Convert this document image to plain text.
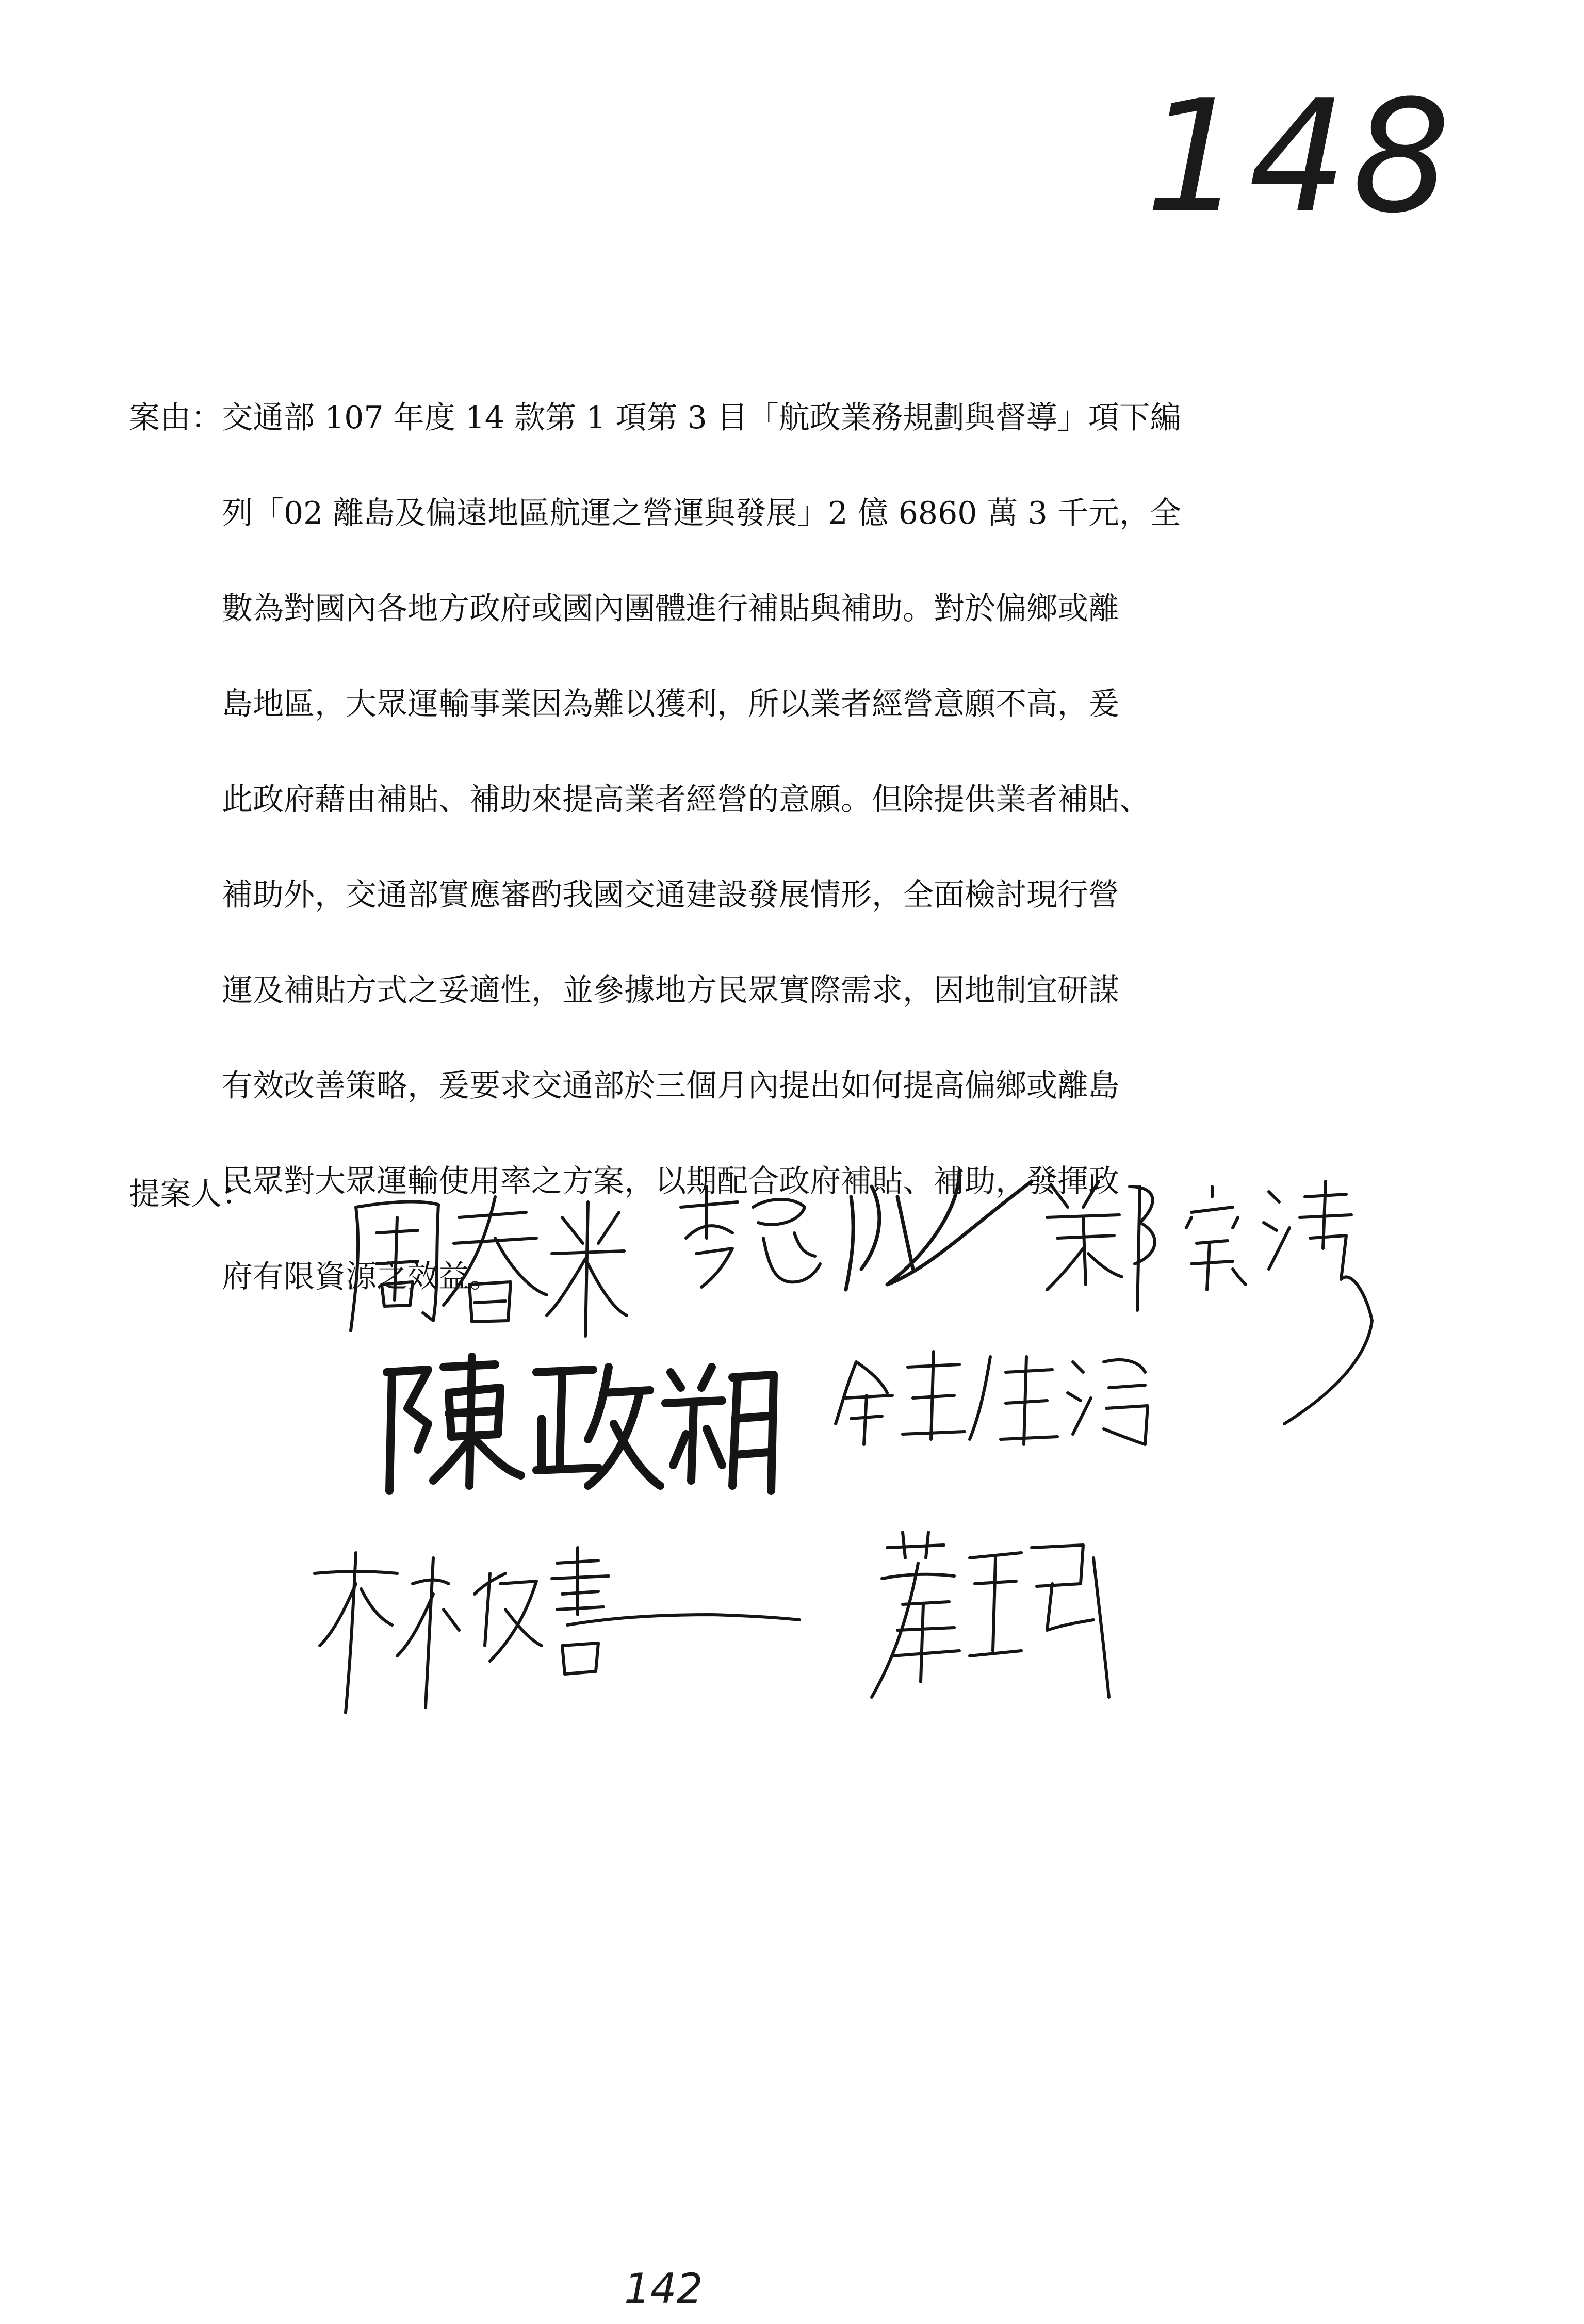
148
案由： 交通部 107 年度 14 款第 1 項第 3 目「航政業務規劃與督導」項下編
列「02 離島及偏遠地區航運之營運與發展」2 億 6860 萬 3 千元，全
數為對國內各地方政府或國內團體進行補貼與補助。對於偏鄉或離
島地區，大眾運輸事業因為難以獲利，所以業者經營意願不高，爰
此政府藉由補貼、補助來提高業者經營的意願。但除提供業者補貼、
補助外，交通部實應審酌我國交通建設發展情形，全面檢討現行營
運及補貼方式之妥適性，並參據地方民眾實際需求，因地制宜研謀
有效改善策略，爰要求交通部於三個月內提出如何提高偏鄉或離島
民眾對大眾運輸使用率之方案，以期配合政府補貼、補助，發揮政
府有限資源之效益。
提案人：
142
